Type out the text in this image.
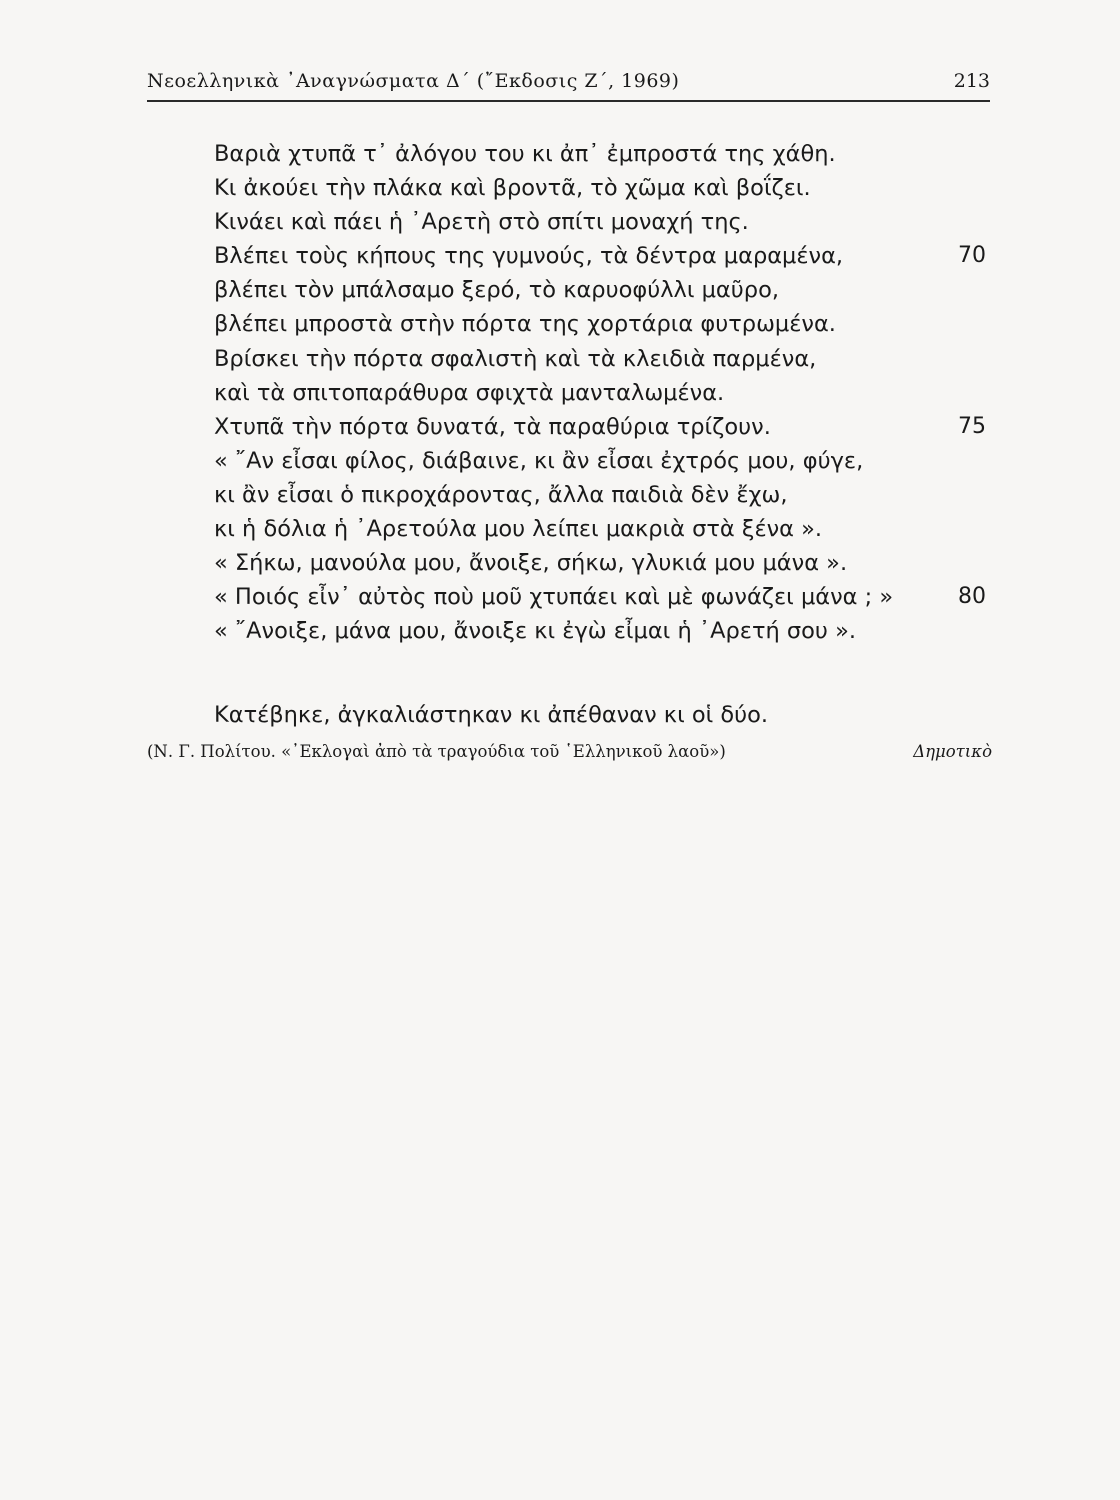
Νεοελληνικὰ ᾿Αναγνώσματα Δ΄ (῎Εκδοσις Ζ΄, 1969)	213
Βαριὰ χτυπᾶ τ᾿ ἀλόγου του κι ἀπ᾿ ἐμπροστά της χάθη.
Κι ἀκούει τὴν πλάκα καὶ βροντᾶ, τὸ χῶμα καὶ βοΐζει.
Κινάει καὶ πάει ἡ ᾿Αρετὴ στὸ σπίτι μοναχή της.
Βλέπει τοὺς κήπους της γυμνούς, τὰ δέντρα μαραμένα,	70
βλέπει τὸν μπάλσαμο ξερό, τὸ καρυοφύλλι μαῦρο,
βλέπει μπροστὰ στὴν πόρτα της χορτάρια φυτρωμένα.
Βρίσκει τὴν πόρτα σφαλιστὴ καὶ τὰ κλειδιὰ παρμένα,
καὶ τὰ σπιτοπαράθυρα σφιχτὰ μανταλωμένα.
Χτυπᾶ τὴν πόρτα δυνατά, τὰ παραθύρια τρίζουν.	75
« ῎Αν εἶσαι φίλος, διάβαινε, κι ἂν εἶσαι ἐχτρός μου, φύγε,
κι ἂν εἶσαι ὁ πικροχάροντας, ἄλλα παιδιὰ δὲν ἔχω,
κι ἡ δόλια ἡ ᾿Αρετούλα μου λείπει μακριὰ στὰ ξένα ».
« Σήκω, μανούλα μου, ἄνοιξε, σήκω, γλυκιά μου μάνα ».
« Ποιός εἶν᾿ αὐτὸς ποὺ μοῦ χτυπάει καὶ μὲ φωνάζει μάνα ; »	80
« ῎Ανοιξε, μάνα μου, ἄνοιξε κι ἐγὼ εἶμαι ἡ ᾿Αρετή σου ».
Κατέβηκε, ἀγκαλιάστηκαν κι ἀπέθαναν κι οἱ δύο.
(Ν. Γ. Πολίτου. «᾿Εκλογαὶ ἀπὸ τὰ τραγούδια τοῦ ῾Ελληνικοῦ λαοῦ»)	Δημοτικὸ
